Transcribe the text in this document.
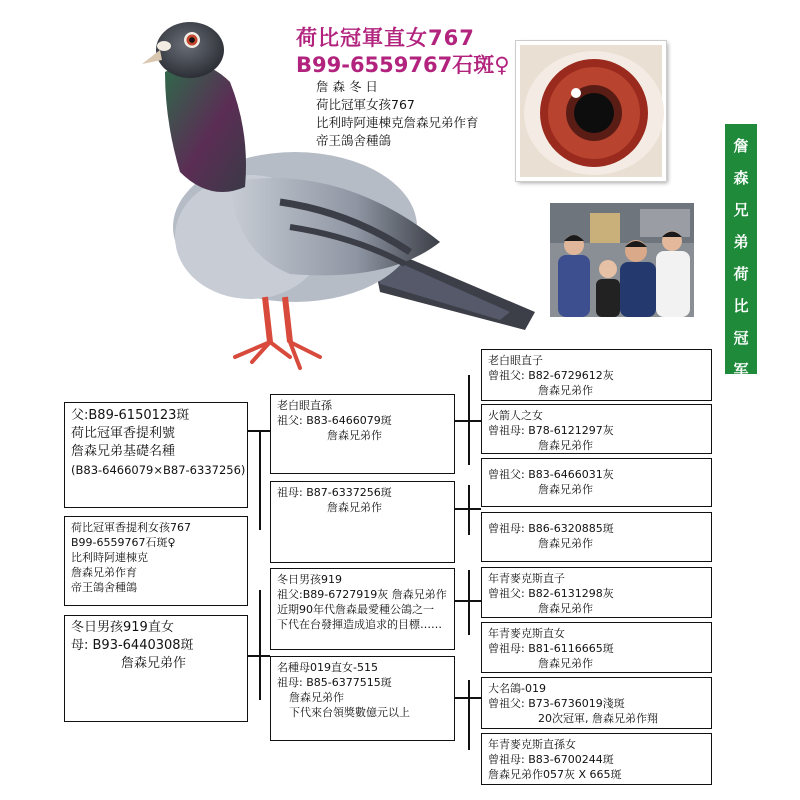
荷比冠軍直女767
B99-6559767石斑♀
詹 森 冬 日
荷比冠軍女孩767
比利時阿連棟克詹森兄弟作育
帝王鴿舍種鴿	詹
森
兄
弟
荷
比
冠
军
父:B89-6150123斑
荷比冠軍香提利號
詹森兄弟基礎名種
(B83-6466079×B87-6337256)
荷比冠軍香提利女孩767
B99-6559767石斑♀
比利時阿連棟克
詹森兄弟作育
帝王鴿舍種鴿
冬日男孩919直女
母: B93-6440308斑
詹森兄弟作
老白眼直孫
祖父: B83-6466079斑
詹森兄弟作
祖母: B87-6337256斑
詹森兄弟作
冬日男孩919
祖父:B89-6727919灰 詹森兄弟作
近期90年代詹森最愛種公鴿之一
下代在台發揮造成追求的目標……
名種母019直女-515
祖母: B85-6377515斑
詹森兄弟作
下代來台領獎數億元以上
老白眼直子
曾祖父: B82-6729612灰
詹森兄弟作
火箭人之女
曾祖母: B78-6121297灰
詹森兄弟作
曾祖父: B83-6466031灰
詹森兄弟作
曾祖母: B86-6320885斑
詹森兄弟作
年青麥克斯直子
曾祖父: B82-6131298灰
詹森兄弟作
年青麥克斯直女
曾祖母: B81-6116665斑
詹森兄弟作
大名鴿-019
曾祖父: B73-6736019淺斑
20次冠軍, 詹森兄弟作翔
年青麥克斯直孫女
曾祖母: B83-6700244斑
詹森兄弟作057灰 X 665斑
